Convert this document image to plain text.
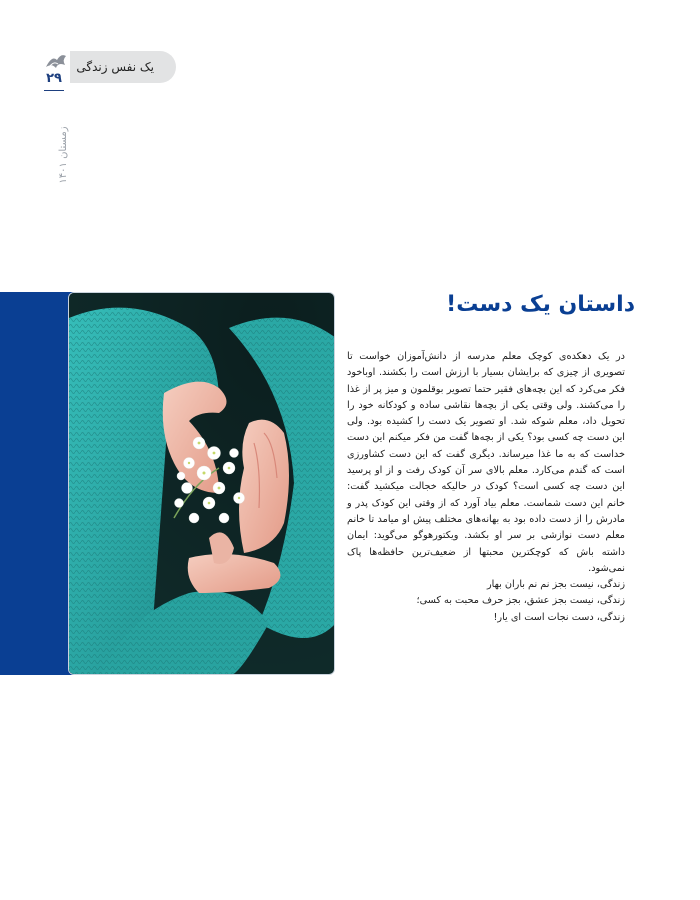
یک نفس زندگی
۲۹
زمستان ۱۴۰۱
داستان یک دست!

در یک دهکده‌ی کوچک معلم مدرسه از دانش‌آموزان خواست تا تصویری از چیزی که برایشان بسیار با ارزش است را بکشند. اوباخود فکر می‌کرد که این بچه‌های فقیر حتما تصویر بوقلمون و میز پر از غذا را می‌کشند. ولی وقتی یکی از بچه‌ها نقاشی ساده و کودکانه خود را تحویل داد، معلم شوکه شد. او تصویر یک دست را کشیده بود. ولی این دست چه کسی بود؟ یکی از بچه‌ها گفت من فکر میکنم این دست خداست که به ما غذا میرساند. دیگری گفت که این دست کشاورزی است که گندم می‌کارد. معلم بالای سر آن کودک رفت و از او پرسید این دست چه کسی است؟ کودک در حالیکه خجالت میکشید گفت: خانم این دست شماست. معلم بیاد آورد که از وقتی این کودک پدر و مادرش را از دست داده بود به بهانه‌های مختلف پیش او میامد تا خانم معلم دست نوازشی بر سر او بکشد. ویکتورهوگو می‌گوید: ایمان داشته باش که کوچکترین محبتها از ضعیف‌ترین حافظه‌ها پاک نمی‌شود.

زندگی، نیست بجز نم نم باران بهار

زندگی، نیست بجز عشق، بجز حرف محبت به کسی؛

زندگی، دست نجات است ای یار!
